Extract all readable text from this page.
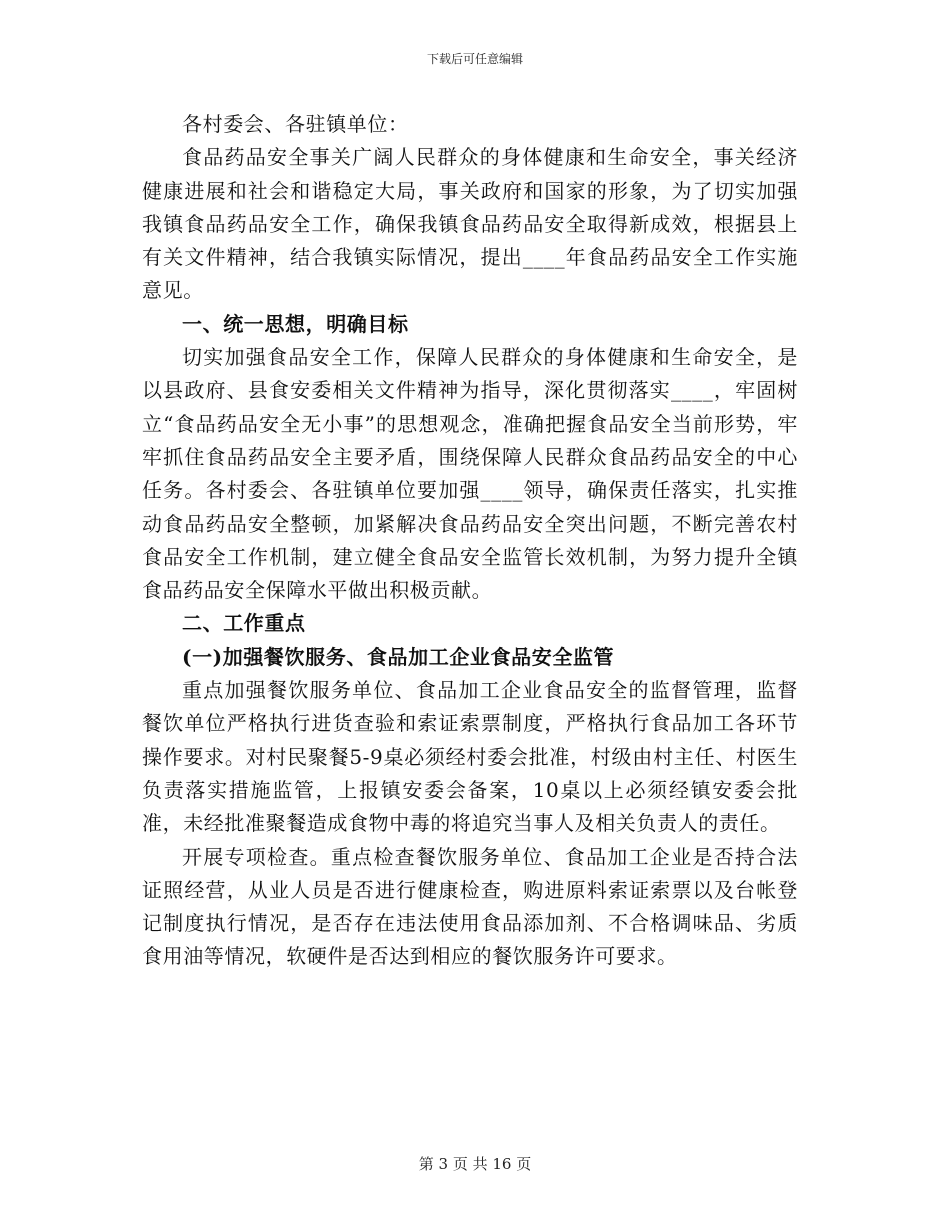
下载后可任意编辑

各村委会、各驻镇单位：

食品药品安全事关广阔人民群众的身体健康和生命安全，事关经济健康进展和社会和谐稳定大局，事关政府和国家的形象，为了切实加强我镇食品药品安全工作，确保我镇食品药品安全取得新成效，根据县上有关文件精神，结合我镇实际情况，提出____年食品药品安全工作实施意见。

一、统一思想，明确目标

切实加强食品安全工作，保障人民群众的身体健康和生命安全，是以县政府、县食安委相关文件精神为指导，深化贯彻落实____，牢固树立“食品药品安全无小事”的思想观念，准确把握食品安全当前形势，牢牢抓住食品药品安全主要矛盾，围绕保障人民群众食品药品安全的中心任务。各村委会、各驻镇单位要加强____领导，确保责任落实，扎实推动食品药品安全整顿，加紧解决食品药品安全突出问题，不断完善农村食品安全工作机制，建立健全食品安全监管长效机制，为努力提升全镇食品药品安全保障水平做出积极贡献。

二、工作重点

(一)加强餐饮服务、食品加工企业食品安全监管

重点加强餐饮服务单位、食品加工企业食品安全的监督管理，监督餐饮单位严格执行进货查验和索证索票制度，严格执行食品加工各环节操作要求。对村民聚餐5-9桌必须经村委会批准，村级由村主任、村医生负责落实措施监管，上报镇安委会备案，10桌以上必须经镇安委会批准，未经批准聚餐造成食物中毒的将追究当事人及相关负责人的责任。

开展专项检查。重点检查餐饮服务单位、食品加工企业是否持合法证照经营，从业人员是否进行健康检查，购进原料索证索票以及台帐登记制度执行情况，是否存在违法使用食品添加剂、不合格调味品、劣质食用油等情况，软硬件是否达到相应的餐饮服务许可要求。

第 3 页 共 16 页
